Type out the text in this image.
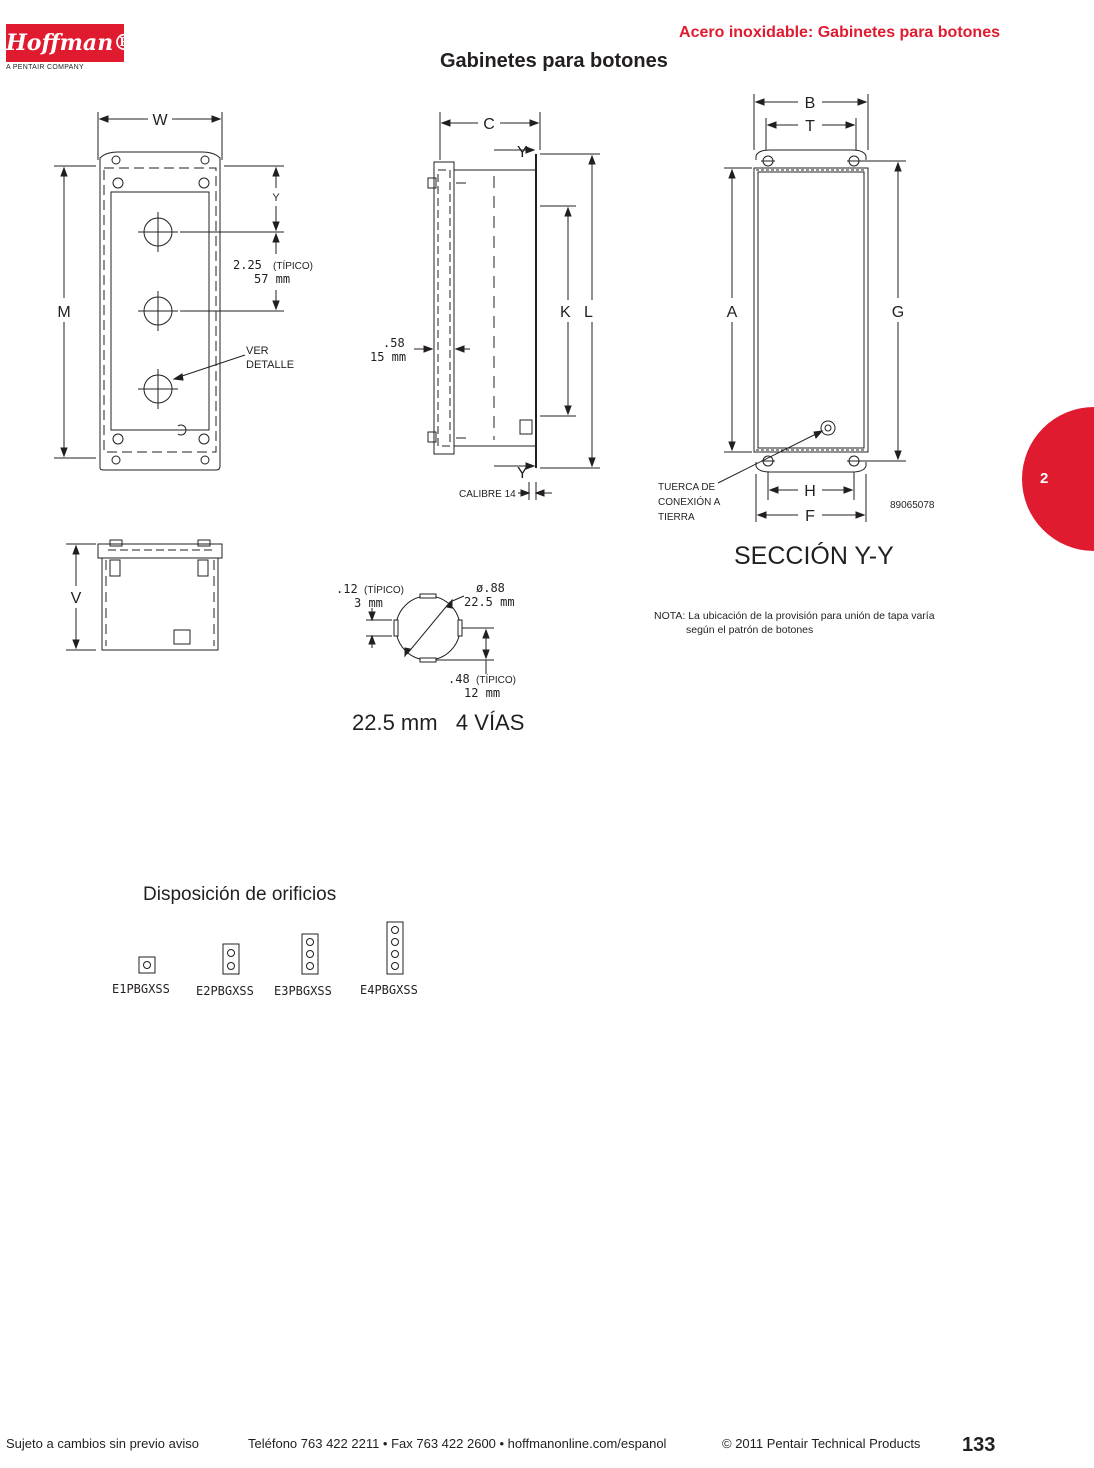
Hoffman®
A PENTAIR COMPANY
Acero inoxidable: Gabinetes para botones
Gabinetes para botones
2
W
M
Y
2.25 (TÍPICO)
57 mm
VER
DETALLE
C
Y
Y
K L
.58
15 mm
CALIBRE 14
B
T
A	G
H
F
TUERCA DE
CONEXIÓN A
TIERRA
89065078
V
.12 (TÍPICO)
3 mm
ø.88
22.5 mm
.48 (TÍPICO)
12 mm
SECCIÓN Y-Y
NOTA: La ubicación de la provisión para unión de tapa varía
según el patrón de botones
22.5 mm   4 VÍAS
Disposición de orificios
E1PBGXSS E2PBGXSS E3PBGXSS E4PBGXSS
Sujeto a cambios sin previo aviso	Teléfono 763 422 2211 • Fax 763 422 2600 • hoffmanonline.com/espanol	© 2011 Pentair Technical Products 133
